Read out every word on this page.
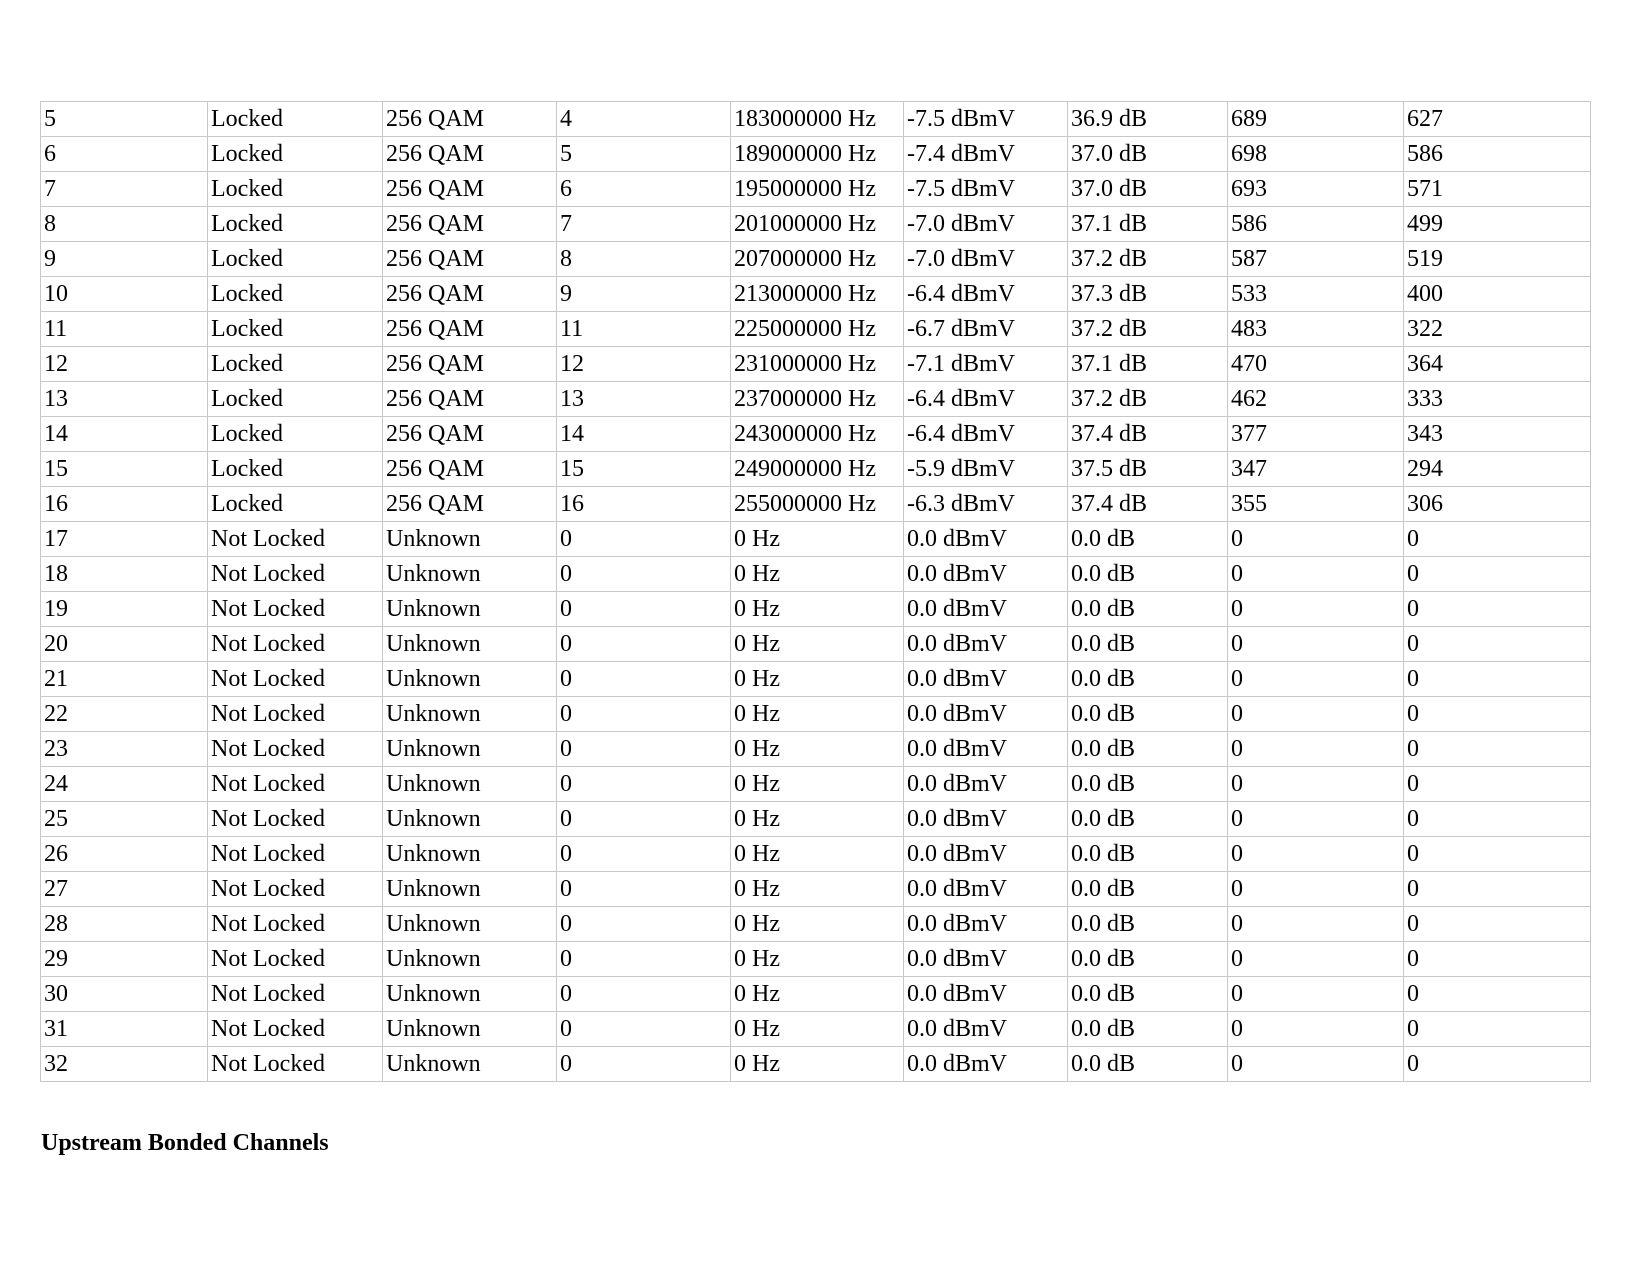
5	Locked	256 QAM	4	183000000 Hz	-7.5 dBmV	36.9 dB	689	627
6	Locked	256 QAM	5	189000000 Hz	-7.4 dBmV	37.0 dB	698	586
7	Locked	256 QAM	6	195000000 Hz	-7.5 dBmV	37.0 dB	693	571
8	Locked	256 QAM	7	201000000 Hz	-7.0 dBmV	37.1 dB	586	499
9	Locked	256 QAM	8	207000000 Hz	-7.0 dBmV	37.2 dB	587	519
10	Locked	256 QAM	9	213000000 Hz	-6.4 dBmV	37.3 dB	533	400
11	Locked	256 QAM	11	225000000 Hz	-6.7 dBmV	37.2 dB	483	322
12	Locked	256 QAM	12	231000000 Hz	-7.1 dBmV	37.1 dB	470	364
13	Locked	256 QAM	13	237000000 Hz	-6.4 dBmV	37.2 dB	462	333
14	Locked	256 QAM	14	243000000 Hz	-6.4 dBmV	37.4 dB	377	343
15	Locked	256 QAM	15	249000000 Hz	-5.9 dBmV	37.5 dB	347	294
16	Locked	256 QAM	16	255000000 Hz	-6.3 dBmV	37.4 dB	355	306
17	Not Locked	Unknown	0	0 Hz	0.0 dBmV	0.0 dB	0	0
18	Not Locked	Unknown	0	0 Hz	0.0 dBmV	0.0 dB	0	0
19	Not Locked	Unknown	0	0 Hz	0.0 dBmV	0.0 dB	0	0
20	Not Locked	Unknown	0	0 Hz	0.0 dBmV	0.0 dB	0	0
21	Not Locked	Unknown	0	0 Hz	0.0 dBmV	0.0 dB	0	0
22	Not Locked	Unknown	0	0 Hz	0.0 dBmV	0.0 dB	0	0
23	Not Locked	Unknown	0	0 Hz	0.0 dBmV	0.0 dB	0	0
24	Not Locked	Unknown	0	0 Hz	0.0 dBmV	0.0 dB	0	0
25	Not Locked	Unknown	0	0 Hz	0.0 dBmV	0.0 dB	0	0
26	Not Locked	Unknown	0	0 Hz	0.0 dBmV	0.0 dB	0	0
27	Not Locked	Unknown	0	0 Hz	0.0 dBmV	0.0 dB	0	0
28	Not Locked	Unknown	0	0 Hz	0.0 dBmV	0.0 dB	0	0
29	Not Locked	Unknown	0	0 Hz	0.0 dBmV	0.0 dB	0	0
30	Not Locked	Unknown	0	0 Hz	0.0 dBmV	0.0 dB	0	0
31	Not Locked	Unknown	0	0 Hz	0.0 dBmV	0.0 dB	0	0
32	Not Locked	Unknown	0	0 Hz	0.0 dBmV	0.0 dB	0	0
Upstream Bonded Channels
